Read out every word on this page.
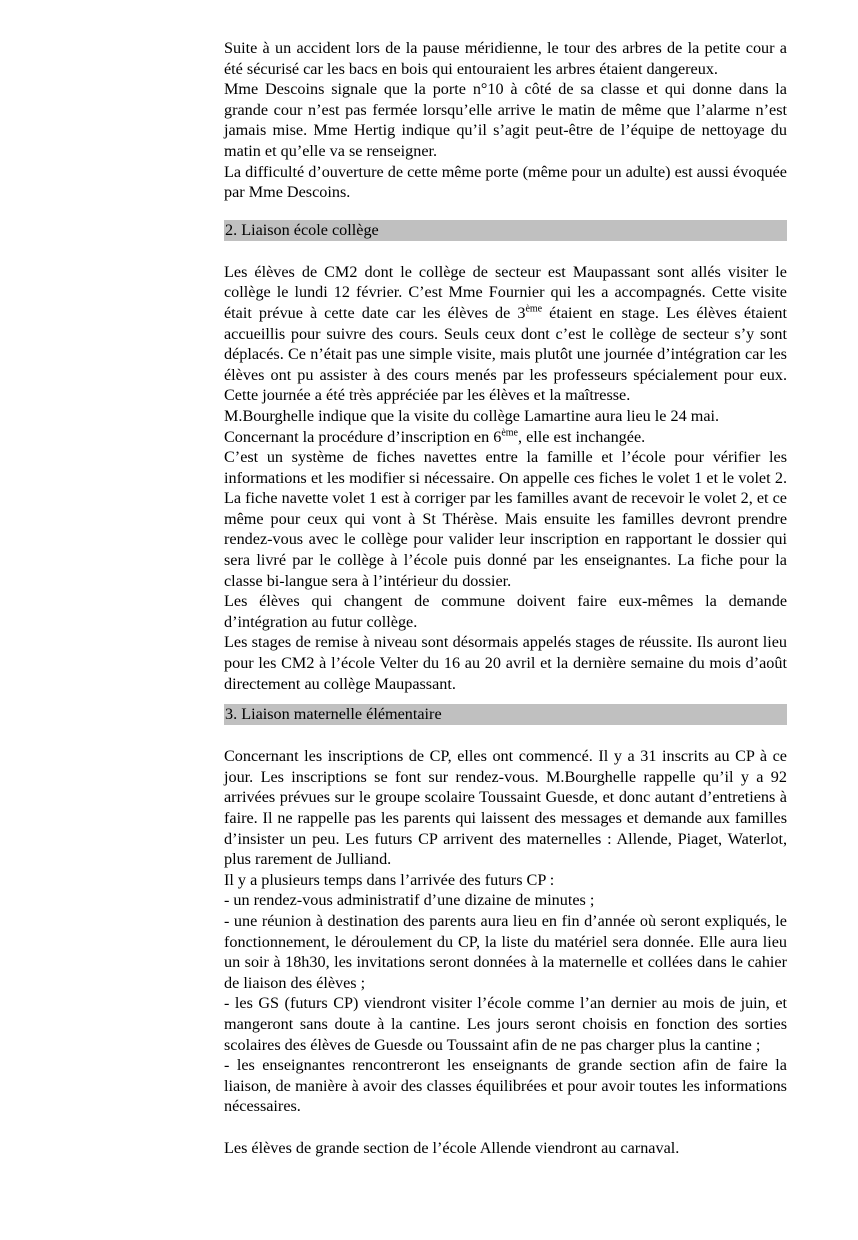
Suite à un accident lors de la pause méridienne, le tour des arbres de la petite cour a été sécurisé car les bacs en bois qui entouraient les arbres étaient dangereux.

Mme Descoins signale que la porte n°10 à côté de sa classe et qui donne dans la grande cour n’est pas fermée lorsqu’elle arrive le matin de même que l’alarme n’est jamais mise. Mme Hertig indique qu’il s’agit peut-être de l’équipe de nettoyage du matin et qu’elle va se renseigner.

La difficulté d’ouverture de cette même porte (même pour un adulte) est aussi évoquée par Mme Descoins.

2. Liaison école collège

Les élèves de CM2 dont le collège de secteur est Maupassant sont allés visiter le collège le lundi 12 février. C’est Mme Fournier qui les a accompagnés. Cette visite était prévue à cette date car les élèves de 3ème étaient en stage. Les élèves étaient accueillis pour suivre des cours. Seuls ceux dont c’est le collège de secteur s’y sont déplacés. Ce n’était pas une simple visite, mais plutôt une journée d’intégration car les élèves ont pu assister à des cours menés par les professeurs spécialement pour eux. Cette journée a été très appréciée par les élèves et la maîtresse.

M.Bourghelle indique que la visite du collège Lamartine aura lieu le 24 mai.

Concernant la procédure d’inscription en 6ème, elle est inchangée.

C’est un système de fiches navettes entre la famille et l’école pour vérifier les informations et les modifier si nécessaire. On appelle ces fiches le volet 1 et le volet 2. La fiche navette volet 1 est à corriger par les familles avant de recevoir le volet 2, et ce même pour ceux qui vont à St Thérèse. Mais ensuite les familles devront prendre rendez-vous avec le collège pour valider leur inscription en rapportant le dossier qui sera livré par le collège à l’école puis donné par les enseignantes. La fiche pour la classe bi-langue sera à l’intérieur du dossier.

Les élèves qui changent de commune doivent faire eux-mêmes la demande d’intégration au futur collège.

Les stages de remise à niveau sont désormais appelés stages de réussite. Ils auront lieu pour les CM2 à l’école Velter du 16 au 20 avril et la dernière semaine du mois d’août directement au collège Maupassant.

3. Liaison maternelle élémentaire

Concernant les inscriptions de CP, elles ont commencé. Il y a 31 inscrits au CP à ce jour. Les inscriptions se font sur rendez-vous. M.Bourghelle rappelle qu’il y a 92 arrivées prévues sur le groupe scolaire Toussaint Guesde, et donc autant d’entretiens à faire. Il ne rappelle pas les parents qui laissent des messages et demande aux familles d’insister un peu. Les futurs CP arrivent des maternelles : Allende, Piaget, Waterlot, plus rarement de Julliand.

Il y a plusieurs temps dans l’arrivée des futurs CP :

- un rendez-vous administratif d’une dizaine de minutes ;

- une réunion à destination des parents aura lieu en fin d’année où seront expliqués, le fonctionnement, le déroulement du CP, la liste du matériel sera donnée. Elle aura lieu un soir à 18h30, les invitations seront données à la maternelle et collées dans le cahier de liaison des élèves ;

- les GS (futurs CP) viendront visiter l’école comme l’an dernier au mois de juin, et mangeront sans doute à la cantine. Les jours seront choisis en fonction des sorties scolaires des élèves de Guesde ou Toussaint afin de ne pas charger plus la cantine ;

- les enseignantes rencontreront les enseignants de grande section afin de faire la liaison, de manière à avoir des classes équilibrées et pour avoir toutes les informations nécessaires.

Les élèves de grande section de l’école Allende viendront au carnaval.
